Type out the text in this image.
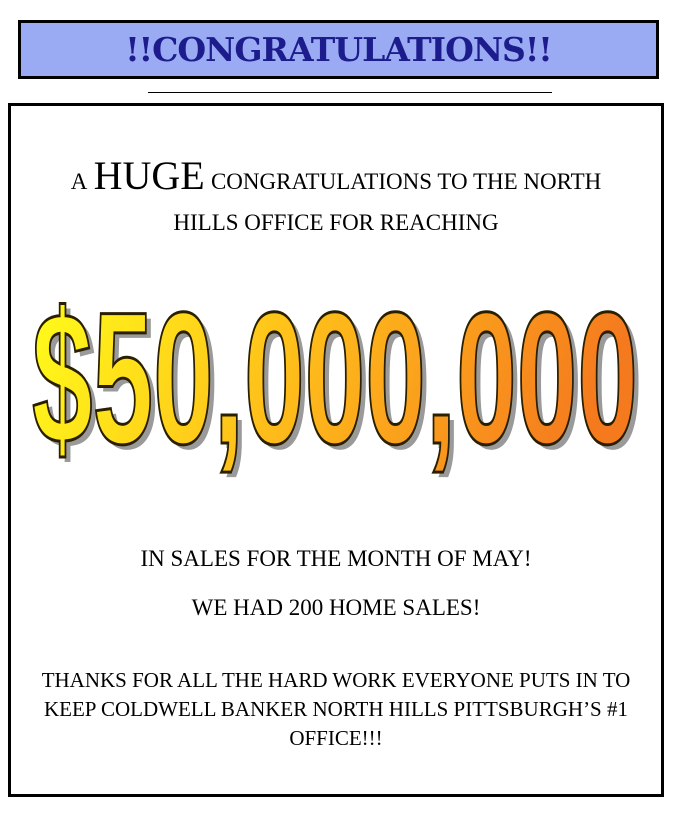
!!CONGRATULATIONS!!
A HUGE CONGRATULATIONS TO THE NORTH
HILLS OFFICE FOR REACHING
$50,000,000
$50,000,000
IN SALES FOR THE MONTH OF MAY!
WE HAD 200 HOME SALES!
THANKS FOR ALL THE HARD WORK EVERYONE PUTS IN TO KEEP COLDWELL BANKER NORTH HILLS PITTSBURGH’S #1 OFFICE!!!
